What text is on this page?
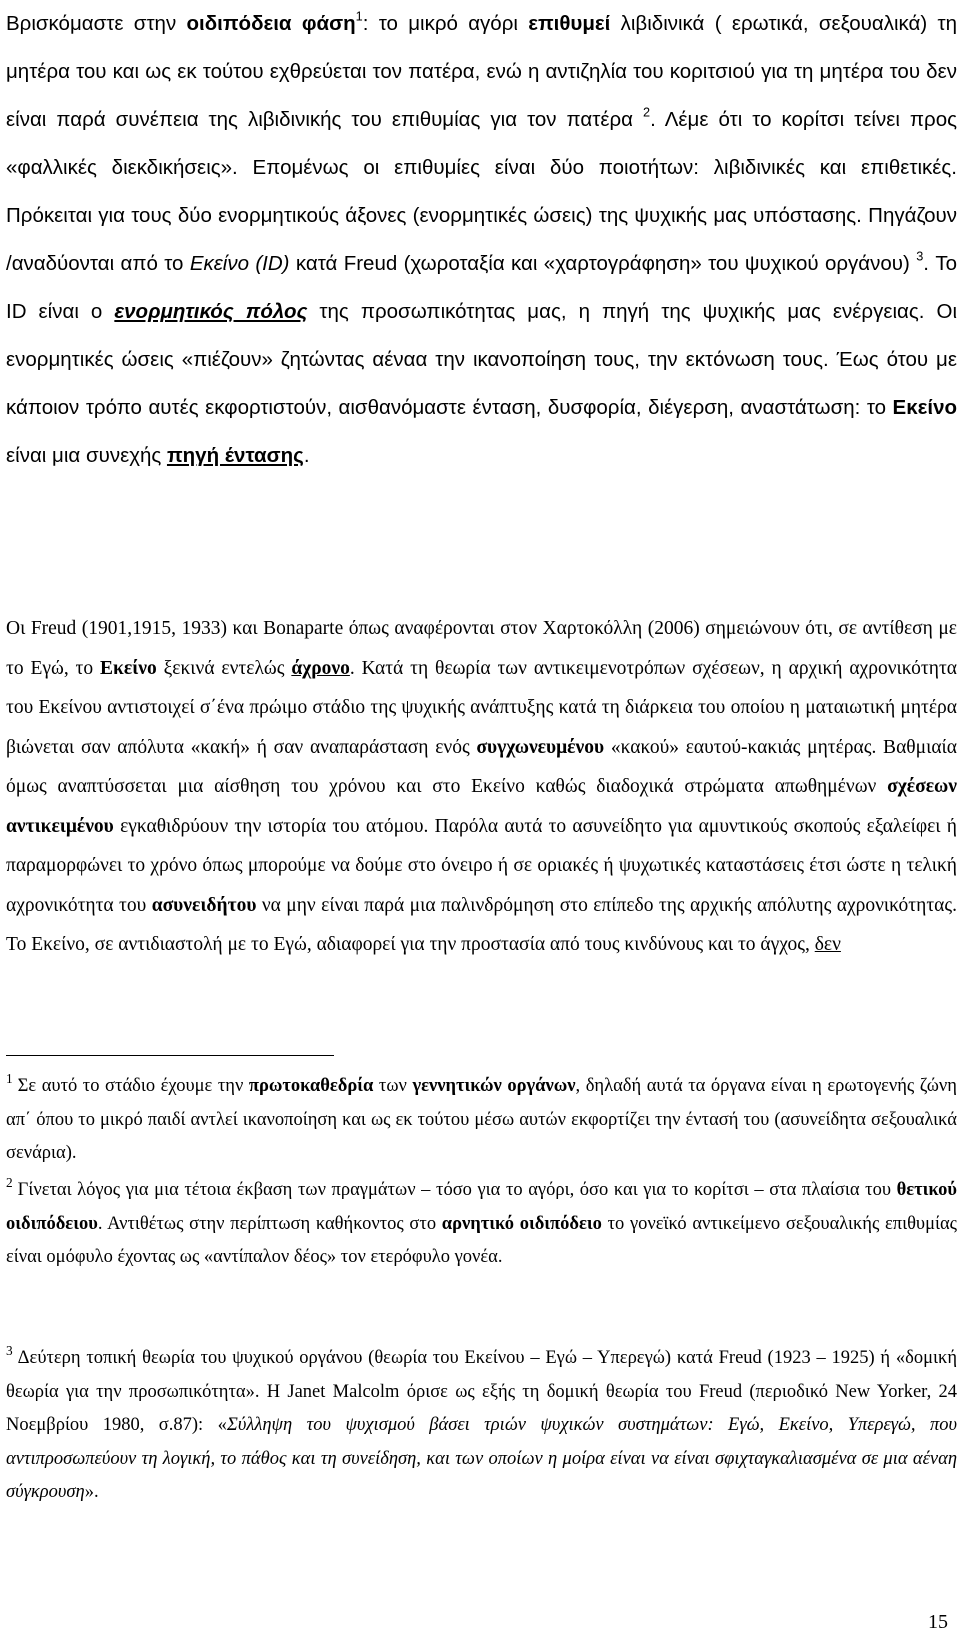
Βρισκόμαστε στην οιδιπόδεια φάση$^1$: το μικρό αγόρι επιθυμεί λιβιδινικά ( ερωτικά, σεξουαλικά) τη μητέρα του και ως εκ τούτου εχθρεύεται τον πατέρα, ενώ η αντιζηλία του κοριτσιού για τη μητέρα του δεν είναι παρά συνέπεια της λιβιδινικής του επιθυμίας για τον πατέρα $^2$. Λέμε ότι το κορίτσι τείνει προς «φαλλικές διεκδικήσεις». Επομένως οι επιθυμίες είναι δύο ποιοτήτων: λιβιδινικές και επιθετικές. Πρόκειται για τους δύο ενορμητικούς άξονες (ενορμητικές ώσεις) της ψυχικής μας υπόστασης. Πηγάζουν /αναδύονται από το Εκείνο (ID) κατά Freud (χωροταξία και «χαρτογράφηση» του ψυχικού οργάνου) $^3$. Το ID είναι ο ενορμητικός πόλος της προσωπικότητας μας, η πηγή της ψυχικής μας ενέργειας. Οι ενορμητικές ώσεις «πιέζουν» ζητώντας αέναα την ικανοποίηση τους, την εκτόνωση τους. Έως ότου με κάποιον τρόπο αυτές εκφορτιστούν, αισθανόμαστε ένταση, δυσφορία, διέγερση, αναστάτωση: το Εκείνο είναι μια συνεχής πηγή έντασης.

Οι Freud (1901,1915, 1933) και Bonaparte όπως αναφέρονται στον Χαρτοκόλλη (2006) σημειώνουν ότι, σε αντίθεση με το Εγώ, το Εκείνο ξεκινά εντελώς άχρονο. Κατά τη θεωρία των αντικειμενοτρόπων σχέσεων, η αρχική αχρονικότητα του Εκείνου αντιστοιχεί σ΄ένα πρώιμο στάδιο της ψυχικής ανάπτυξης κατά τη διάρκεια του οποίου η ματαιωτική μητέρα βιώνεται σαν απόλυτα «κακή» ή σαν αναπαράσταση ενός συγχωνευμένου «κακού» εαυτού-κακιάς μητέρας. Βαθμιαία όμως αναπτύσσεται μια αίσθηση του χρόνου και στο Εκείνο καθώς διαδοχικά στρώματα απωθημένων σχέσεων αντικειμένου εγκαθιδρύουν την ιστορία του ατόμου. Παρόλα αυτά το ασυνείδητο για αμυντικούς σκοπούς εξαλείφει ή παραμορφώνει το χρόνο όπως μπορούμε να δούμε στο όνειρο ή σε οριακές ή ψυχωτικές καταστάσεις έτσι ώστε η τελική αχρονικότητα του ασυνειδήτου να μην είναι παρά μια παλινδρόμηση στο επίπεδο της αρχικής απόλυτης αχρονικότητας. Το Εκείνο, σε αντιδιαστολή με το Εγώ, αδιαφορεί για την προστασία από τους κινδύνους και το άγχος, δεν

$^1$ Σε αυτό το στάδιο έχουμε την πρωτοκαθεδρία των γεννητικών οργάνων, δηλαδή αυτά τα όργανα είναι η ερωτογενής ζώνη απ΄ όπου το μικρό παιδί αντλεί ικανοποίηση και ως εκ τούτου μέσω αυτών εκφορτίζει την έντασή του (ασυνείδητα σεξουαλικά σενάρια).

$^2$ Γίνεται λόγος για μια τέτοια έκβαση των πραγμάτων – τόσο για το αγόρι, όσο και για το κορίτσι – στα πλαίσια του θετικού οιδιπόδειου. Αντιθέτως στην περίπτωση καθήκοντος στο αρνητικό οιδιπόδειο το γονεϊκό αντικείμενο σεξουαλικής επιθυμίας είναι ομόφυλο έχοντας ως «αντίπαλον δέος» τον ετερόφυλο γονέα.

$^3$ Δεύτερη τοπική θεωρία του ψυχικού οργάνου (θεωρία του Εκείνου – Εγώ – Υπερεγώ) κατά Freud (1923 – 1925) ή «δομική θεωρία για την προσωπικότητα». Η Janet Malcolm όρισε ως εξής τη δομική θεωρία του Freud (περιοδικό New Yorker, 24 Νοεμβρίου 1980, σ.87): «Σύλληψη του ψυχισμού βάσει τριών ψυχικών συστημάτων: Εγώ, Εκείνο, Υπερεγώ, που αντιπροσωπεύουν τη λογική, το πάθος και τη συνείδηση, και των οποίων η μοίρα είναι να είναι σφιχταγκαλιασμένα σε μια αέναη σύγκρουση».

15
